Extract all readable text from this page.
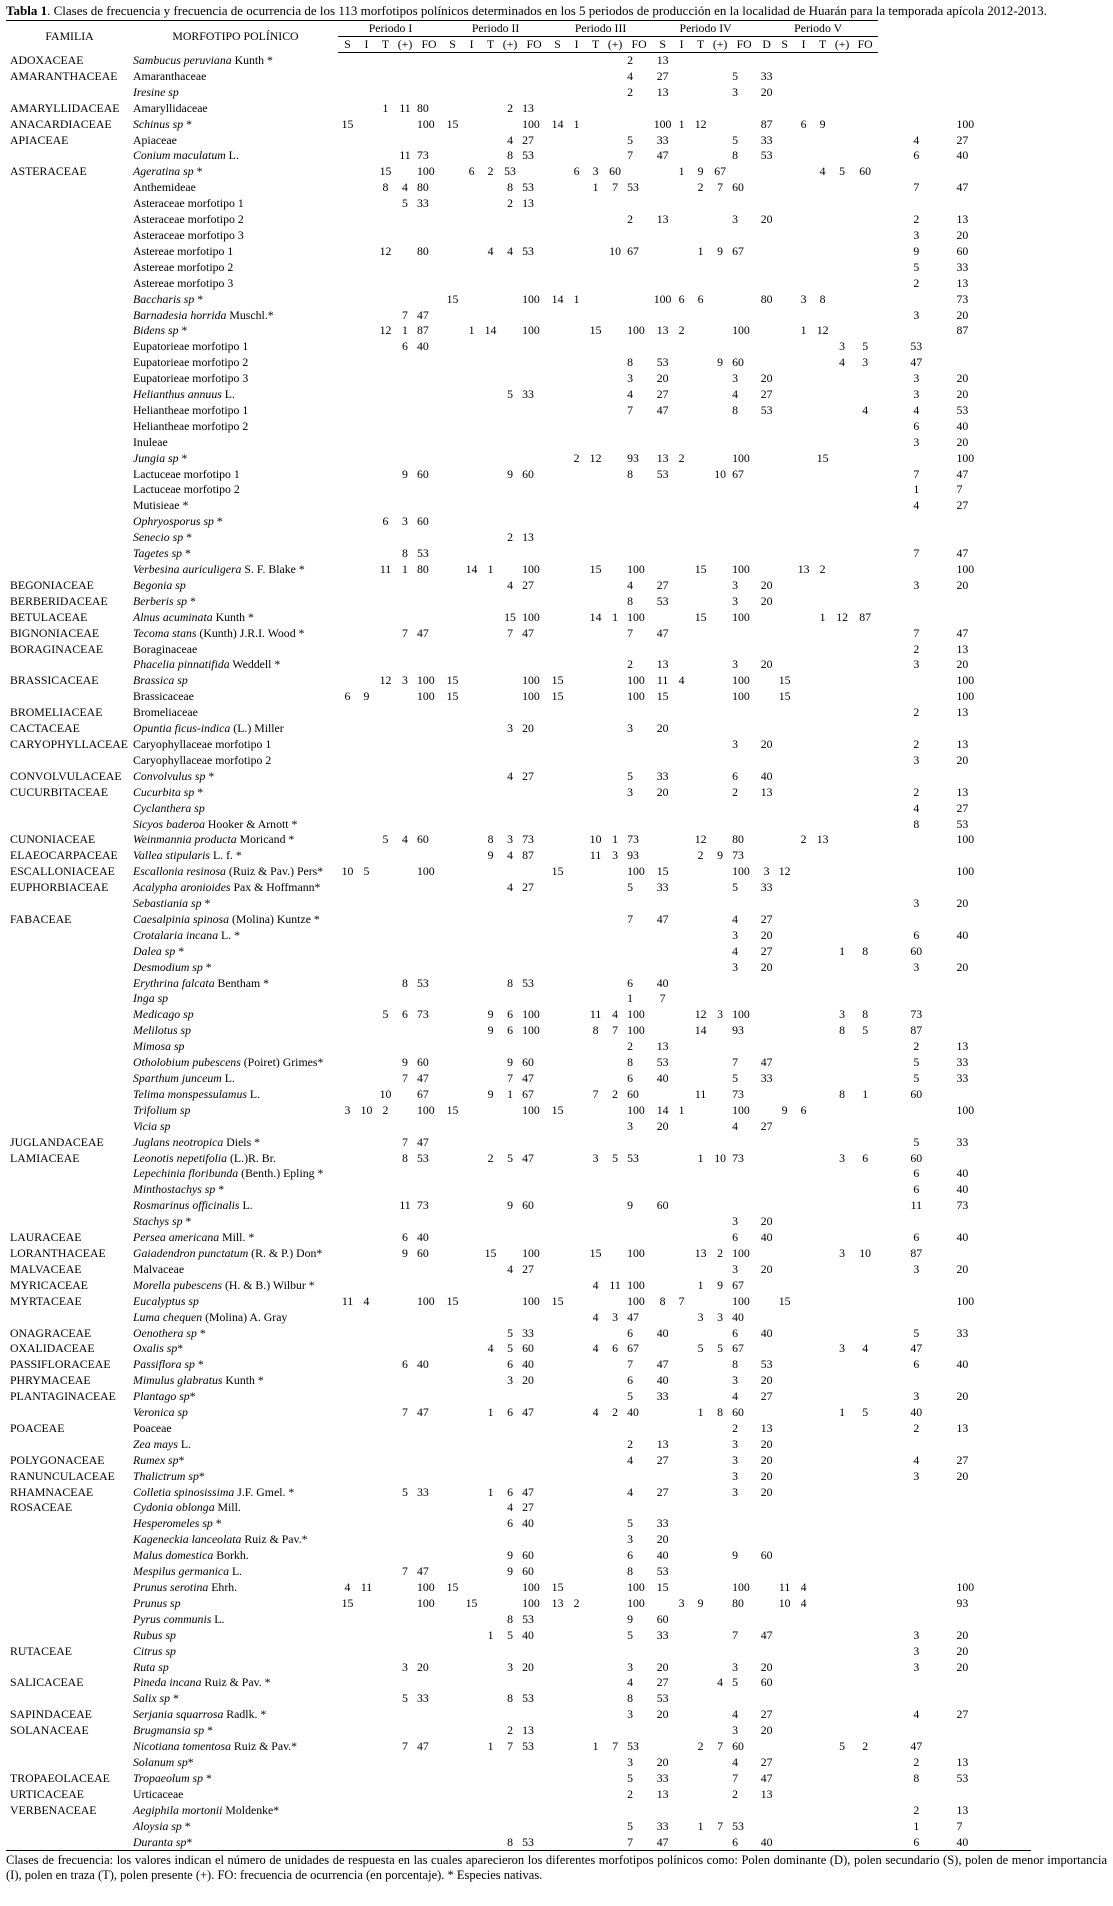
Tabla 1. Clases de frecuencia y frecuencia de ocurrencia de los 113 morfotipos polínicos determinados en los 5 periodos de producción en la localidad de Huarán para la temporada apícola 2012-2013.
FAMILIA	MORFOTIPO POLÍNICO	Periodo I					Periodo II					Periodo III					Periodo IV					Periodo V								
		S	I	T	(+)	FO	S	I	T	(+)	FO	S	I	T	(+)	FO	S	I	T	(+)	FO	D	S	I	T	(+)	FO			
ADOXACEAE	Sambucus peruviana Kunth *															2	13													
AMARANTHACEAE	Amaranthaceae															4	27				5	33								
	Iresine sp															2	13				3	20								
AMARYLLIDACEAE	Amaryllidaceae			1	11	80				2	13																			
ANACARDIACEAE	Schinus sp *	15				100	15				100	14	1				100	1	12			87		6	9				100	
APIACEAE	Apiaceae									4	27					5	33				5	33						4	27	
	Conium maculatum L.				11	73				8	53					7	47				8	53						6	40	
ASTERACEAE	Ageratina sp *			15		100		6	2	53			6	3	60			1	9	67					4	5	60			
	Anthemideae			8	4	80				8	53			1	7	53			2	7	60							7	47	
	Asteraceae morfotipo 1				5	33				2	13																			
	Asteraceae morfotipo 2															2	13				3	20						2	13	
	Asteraceae morfotipo 3																											3	20	
	Astereae morfotipo 1			12		80			4	4	53				10	67			1	9	67							9	60	
	Astereae morfotipo 2																											5	33	
	Astereae morfotipo 3																											2	13	
	Baccharis sp *						15				100	14	1				100	6	6			80		3	8				73	
	Barnadesia horrida Muschl.*				7	47																						3	20	
	Bidens sp *			12	1	87		1	14		100			15		100	13	2			100			1	12				87	
	Eupatorieae morfotipo 1				6	40																				3	5	53		
	Eupatorieae morfotipo 2															8	53			9	60					4	3	47		
	Eupatorieae morfotipo 3															3	20				3	20						3	20	
	Helianthus annuus L.									5	33					4	27				4	27						3	20	
	Heliantheae morfotipo 1															7	47				8	53					4	4	53	
	Heliantheae morfotipo 2																											6	40	
	Inuleae																											3	20	
	Jungia sp *												2	12		93	13	2			100				15				100	
	Lactuceae morfotipo 1				9	60				9	60					8	53			10	67							7	47	
	Lactuceae morfotipo 2																											1	7	
	Mutisieae *																											4	27	
	Ophryosporus sp *			6	3	60																								
	Senecio sp *									2	13																			
	Tagetes sp *				8	53																						7	47	
	Verbesina auriculigera S. F. Blake *			11	1	80		14	1		100			15		100			15		100			13	2				100	
BEGONIACEAE	Begonia sp									4	27					4	27				3	20						3	20	
BERBERIDACEAE	Berberis sp *															8	53				3	20								
BETULACEAE	Alnus acuminata Kunth *									15	100			14	1	100			15		100				1	12	87			
BIGNONIACEAE	Tecoma stans (Kunth) J.R.I. Wood *				7	47				7	47					7	47											7	47	
BORAGINACEAE	Boraginaceae																											2	13	
	Phacelia pinnatifida Weddell *															2	13				3	20						3	20	
BRASSICACEAE	Brassica sp			12	3	100	15				100	15				100	11	4			100		15						100	
	Brassicaceae	6	9			100	15				100	15				100	15				100		15						100	
BROMELIACEAE	Bromeliaceae																											2	13	
CACTACEAE	Opuntia ficus-indica (L.) Miller									3	20					3	20													
CARYOPHYLLACEAE	Caryophyllaceae morfotipo 1																				3	20						2	13	
	Caryophyllaceae morfotipo 2																											3	20	
CONVOLVULACEAE	Convolvulus sp *									4	27					5	33				6	40								
CUCURBITACEAE	Cucurbita sp *															3	20				2	13						2	13	
	Cyclanthera sp																											4	27	
	Sicyos baderoa Hooker & Arnott *																											8	53	
CUNONIACEAE	Weinmannia producta Moricand *			5	4	60			8	3	73			10	1	73			12		80			2	13				100	
ELAEOCARPACEAE	Vallea stipularis L. f. *								9	4	87			11	3	93			2	9	73									
ESCALLONIACEAE	Escallonia resinosa (Ruiz & Pav.) Pers*	10	5			100						15				100	15				100	3	12						100	
EUPHORBIACEAE	Acalypha aronioides Pax & Hoffmann*									4	27					5	33				5	33								
	Sebastiania sp *																											3	20	
FABACEAE	Caesalpinia spinosa (Molina) Kuntze *															7	47				4	27								
	Crotalaria incana L. *																				3	20						6	40	
	Dalea sp *																				4	27				1	8	60		
	Desmodium sp *																				3	20						3	20	
	Erythrina falcata Bentham *				8	53				8	53					6	40													
	Inga sp															1	7													
	Medicago sp			5	6	73			9	6	100			11	4	100			12	3	100					3	8	73		
	Melilotus sp								9	6	100			8	7	100			14		93					8	5	87		
	Mimosa sp															2	13											2	13	
	Otholobium pubescens (Poiret) Grimes*				9	60				9	60					8	53				7	47						5	33	
	Sparthum junceum L.				7	47				7	47					6	40				5	33						5	33	
	Telima monspessulamus L.			10		67			9	1	67			7	2	60			11		73					8	1	60		
	Trifolium sp	3	10	2		100	15				100	15				100	14	1			100		9	6					100	
	Vicia sp															3	20				4	27								
JUGLANDACEAE	Juglans neotropica Diels *				7	47																						5	33	
LAMIACEAE	Leonotis nepetifolia (L.)R. Br.				8	53			2	5	47			3	5	53			1	10	73					3	6	60		
	Lepechinia floribunda (Benth.) Epling *																											6	40	
	Minthostachys sp *																											6	40	
	Rosmarinus officinalis L.				11	73				9	60					9	60											11	73	
	Stachys sp *																				3	20								
LAURACEAE	Persea americana Mill. *				6	40															6	40						6	40	
LORANTHACEAE	Gaiadendron punctatum (R. & P.) Don*				9	60			15		100			15		100			13	2	100					3	10	87		
MALVACEAE	Malvaceae									4	27										3	20						3	20	
MYRICACEAE	Morella pubescens (H. & B.) Wilbur *													4	11	100			1	9	67									
MYRTACEAE	Eucalyptus sp	11	4			100	15				100	15				100	8	7			100		15						100	
	Luma chequen (Molina) A. Gray													4	3	47			3	3	40									
ONAGRACEAE	Oenothera sp *									5	33					6	40				6	40						5	33	
OXALIDACEAE	Oxalis sp*								4	5	60			4	6	67			5	5	67					3	4	47		
PASSIFLORACEAE	Passiflora sp *				6	40				6	40					7	47				8	53						6	40	
PHRYMACEAE	Mimulus glabratus Kunth *									3	20					6	40				3	20								
PLANTAGINACEAE	Plantago sp*															5	33				4	27						3	20	
	Veronica sp				7	47			1	6	47			4	2	40			1	8	60					1	5	40		
POACEAE	Poaceae																				2	13						2	13	
	Zea mays L.															2	13				3	20								
POLYGONACEAE	Rumex sp*															4	27				3	20						4	27	
RANUNCULACEAE	Thalictrum sp*																				3	20						3	20	
RHAMNACEAE	Colletia spinosissima J.F. Gmel. *				5	33			1	6	47					4	27				3	20								
ROSACEAE	Cydonia oblonga Mill.									4	27																			
	Hesperomeles sp *									6	40					5	33													
	Kageneckia lanceolata Ruiz & Pav.*															3	20													
	Malus domestica Borkh.									9	60					6	40				9	60								
	Mespilus germanica L.				7	47				9	60					8	53													
	Prunus serotina Ehrh.	4	11			100	15				100	15				100	15				100		11	4					100	
	Prunus sp	15				100		15			100	13	2			100		3	9		80		10	4					93	
	Pyrus communis L.									8	53					9	60													
	Rubus sp								1	5	40					5	33				7	47						3	20	
RUTACEAE	Citrus sp																											3	20	
	Ruta sp				3	20				3	20					3	20				3	20						3	20	
SALICACEAE	Pineda incana Ruiz & Pav. *															4	27			4	5	60								
	Salix sp *				5	33				8	53					8	53													
SAPINDACEAE	Serjania squarrosa Radlk. *															3	20				4	27						4	27	
SOLANACEAE	Brugmansia sp *									2	13										3	20								
	Nicotiana tomentosa Ruiz & Pav.*				7	47			1	7	53			1	7	53			2	7	60					5	2	47		
	Solanum sp*															3	20				4	27						2	13	
TROPAEOLACEAE	Tropaeolum sp *															5	33				7	47						8	53	
URTICACEAE	Urticaceae															2	13				2	13								
VERBENACEAE	Aegiphila mortonii Moldenke*																											2	13	
	Aloysia sp *															5	33		1	7	53							1	7	
	Duranta sp*									8	53					7	47				6	40						6	40	
Clases de frecuencia: los valores indican el número de unidades de respuesta en las cuales aparecieron los diferentes morfotipos polínicos como: Polen dominante (D), polen secundario (S), polen de menor importancia (I), polen en traza (T), polen presente (+). FO: frecuencia de ocurrencia (en porcentaje). * Especies nativas.
